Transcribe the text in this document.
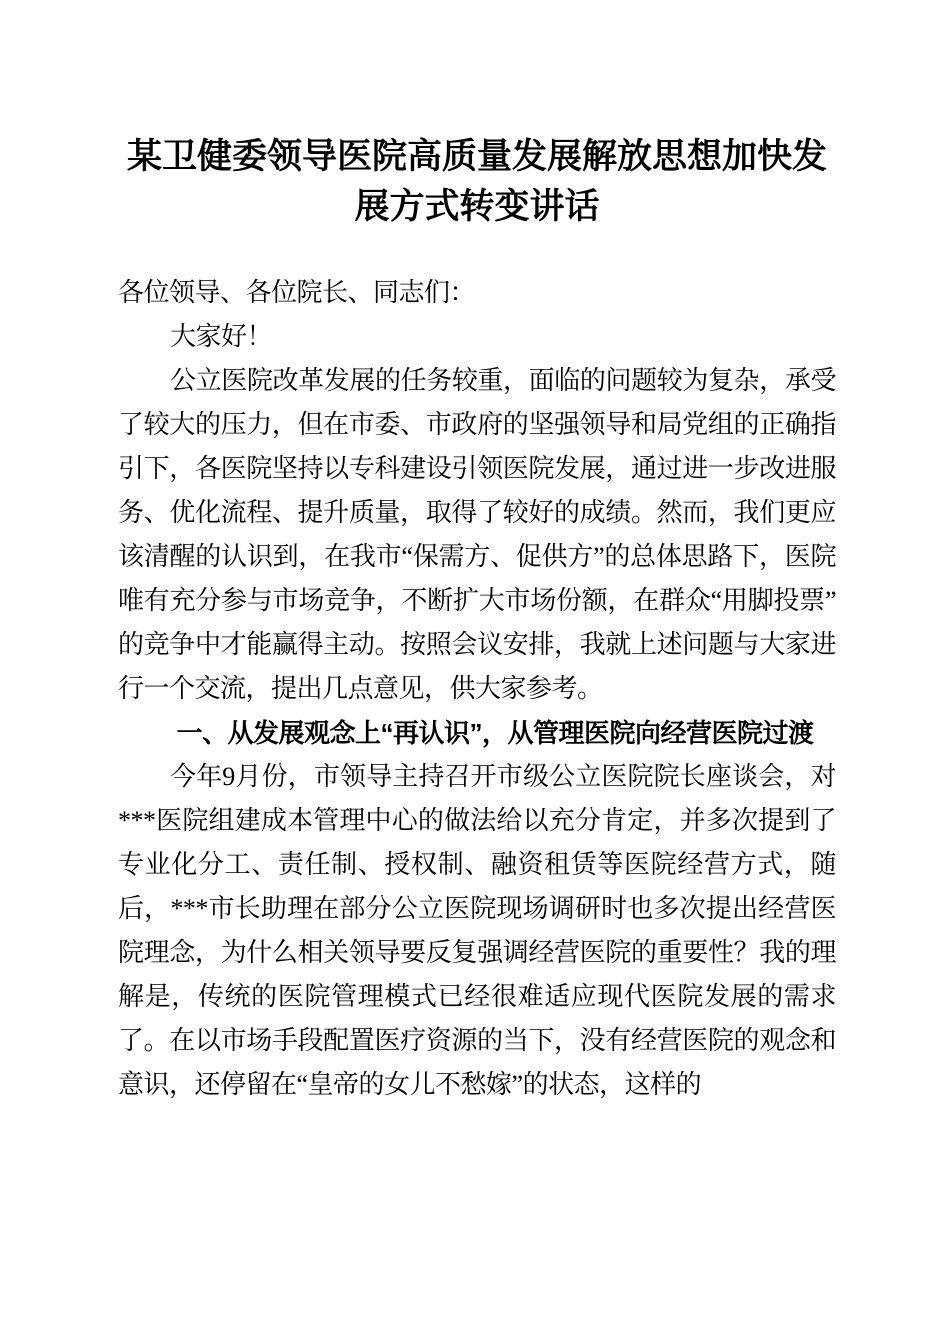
某卫健委领导医院高质量发展解放思想加快发展方式转变讲话

各位领导、各位院长、同志们：

大家好！

公立医院改革发展的任务较重，面临的问题较为复杂，承受了较大的压力，但在市委、市政府的坚强领导和局党组的正确指引下，各医院坚持以专科建设引领医院发展，通过进一步改进服务、优化流程、提升质量，取得了较好的成绩。然而，我们更应该清醒的认识到，在我市“保需方、促供方”的总体思路下，医院唯有充分参与市场竞争，不断扩大市场份额，在群众“用脚投票”的竞争中才能赢得主动。按照会议安排，我就上述问题与大家进行一个交流，提出几点意见，供大家参考。

一、从发展观念上“再认识”，从管理医院向经营医院过渡

今年9月份，市领导主持召开市级公立医院院长座谈会，对***医院组建成本管理中心的做法给以充分肯定，并多次提到了专业化分工、责任制、授权制、融资租赁等医院经营方式，随后，***市长助理在部分公立医院现场调研时也多次提出经营医院理念，为什么相关领导要反复强调经营医院的重要性？我的理解是，传统的医院管理模式已经很难适应现代医院发展的需求了。在以市场手段配置医疗资源的当下，没有经营医院的观念和意识，还停留在“皇帝的女儿不愁嫁”的状态，这样的
